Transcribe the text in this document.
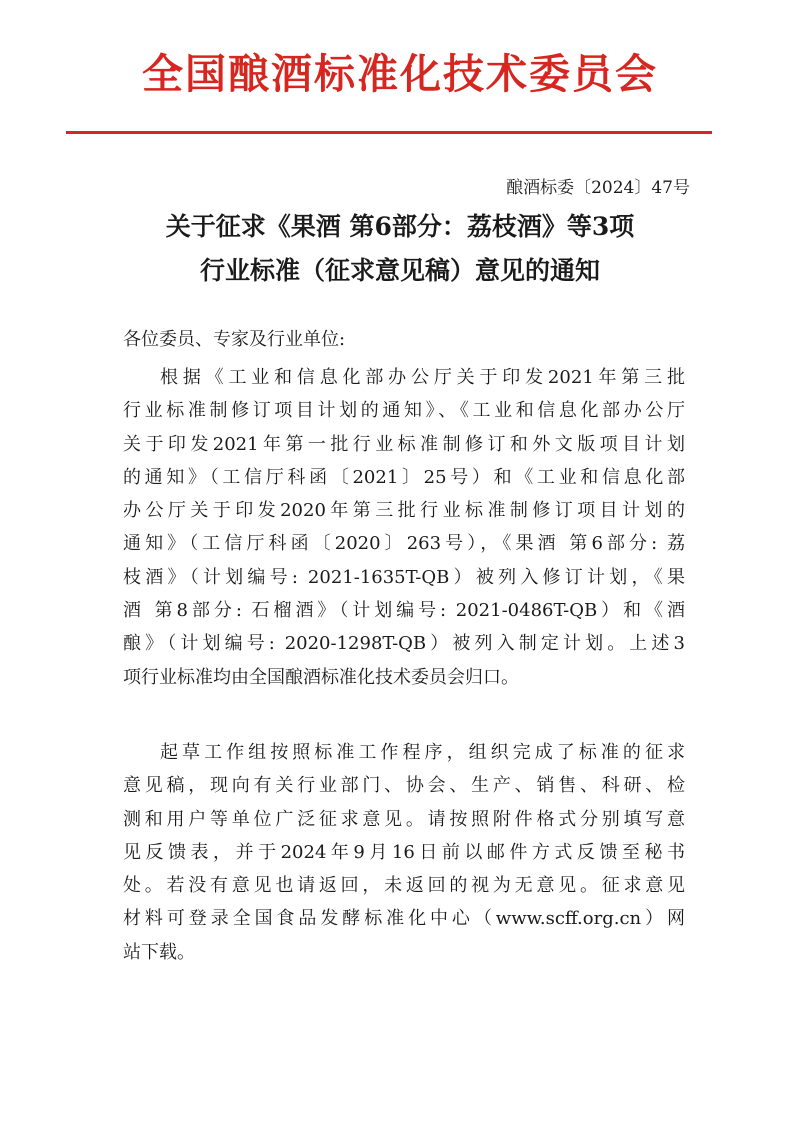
全国酿酒标准化技术委员会
酿酒标委〔2024〕47号
关于征求《果酒 第6部分：荔枝酒》等3项
行业标准（征求意见稿）意见的通知
各位委员、专家及行业单位:
根据《工业和信息化部办公厅关于印发2021年第三批
行业标准制修订项目计划的通知》、《工业和信息化部办公厅
关于印发2021年第一批行业标准制修订和外文版项目计划
的通知》（工信厅科函〔2021〕25号）和《工业和信息化部
办公厅关于印发2020年第三批行业标准制修订项目计划的
通知》（工信厅科函〔2020〕263号），《果酒 第6部分: 荔
枝酒》（计划编号: 2021-1635T-QB）被列入修订计划，《果
酒 第8部分: 石榴酒》（计划编号: 2021-0486T-QB）和《酒
酿》（计划编号: 2020-1298T-QB）被列入制定计划。上述3
项行业标准均由全国酿酒标准化技术委员会归口。
起草工作组按照标准工作程序，组织完成了标准的征求
意见稿，现向有关行业部门、协会、生产、销售、科研、检
测和用户等单位广泛征求意见。请按照附件格式分别填写意
见反馈表，并于2024年9月16日前以邮件方式反馈至秘书
处。若没有意见也请返回，未返回的视为无意见。征求意见
材料可登录全国食品发酵标准化中心（www.scff.org.cn）网
站下载。
